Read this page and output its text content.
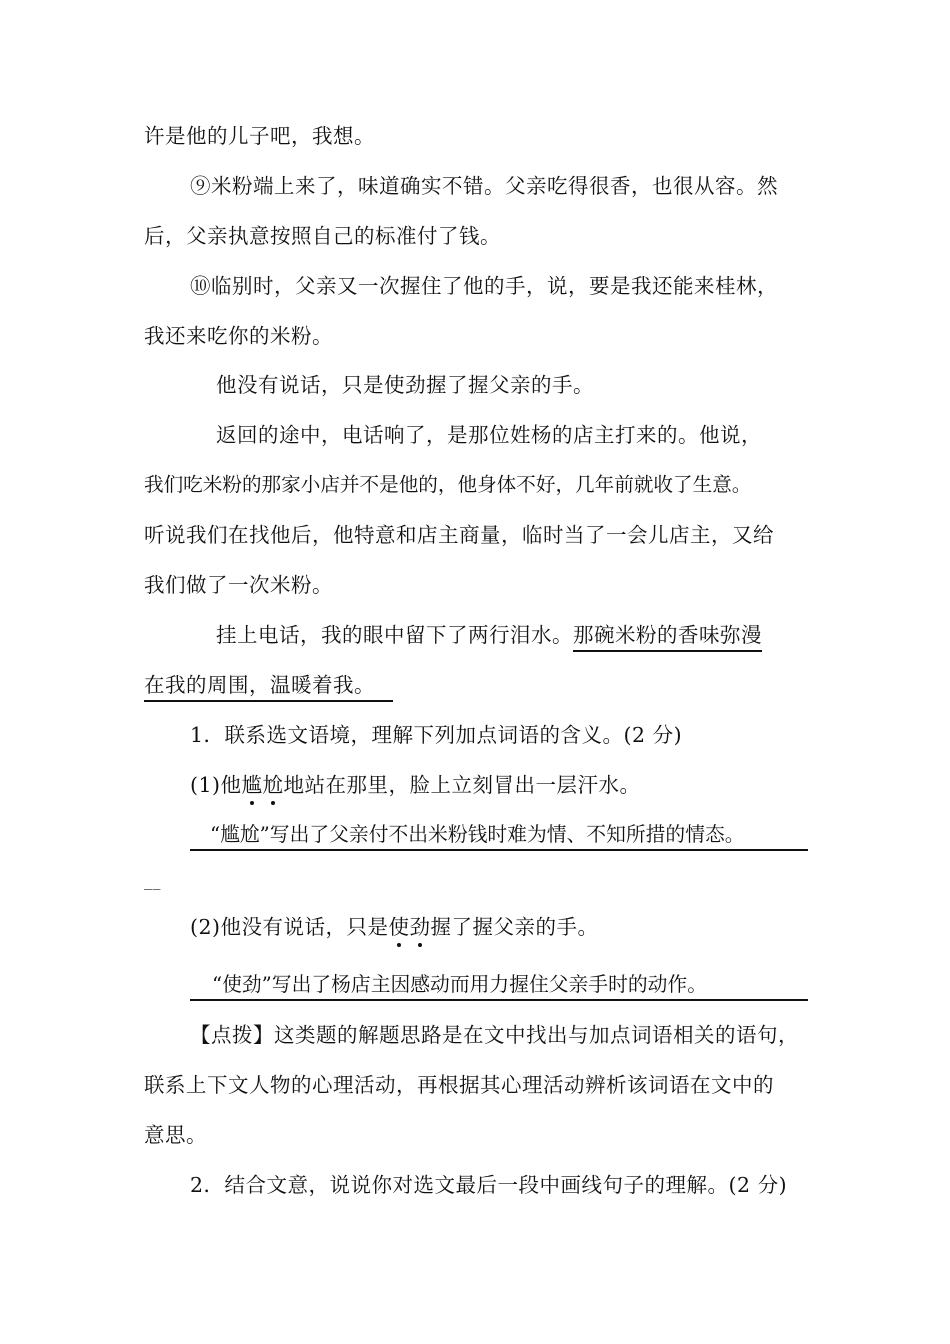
许是他的儿子吧，我想。
⑨米粉端上来了，味道确实不错。父亲吃得很香，也很从容。然
后，父亲执意按照自己的标准付了钱。
⑩临别时，父亲又一次握住了他的手，说，要是我还能来桂林，
我还来吃你的米粉。
他没有说话，只是使劲握了握父亲的手。
返回的途中，电话响了，是那位姓杨的店主打来的。他说，
我们吃米粉的那家小店并不是他的，他身体不好，几年前就收了生意。
听说我们在找他后，他特意和店主商量，临时当了一会儿店主，又给
我们做了一次米粉。
挂上电话，我的眼中留下了两行泪水。那碗米粉的香味弥漫
在我的周围，温暖着我。
1．联系选文语境，理解下列加点词语的含义。(2 分)
(1)他尴尬地站在那里，脸上立刻冒出一层汗水。
“尴尬”写出了父亲付不出米粉钱时难为情、不知所措的情态。
__
(2)他没有说话，只是使劲握了握父亲的手。
“使劲”写出了杨店主因感动而用力握住父亲手时的动作。
【点拨】这类题的解题思路是在文中找出与加点词语相关的语句，
联系上下文人物的心理活动，再根据其心理活动辨析该词语在文中的
意思。
2．结合文意，说说你对选文最后一段中画线句子的理解。(2 分)
